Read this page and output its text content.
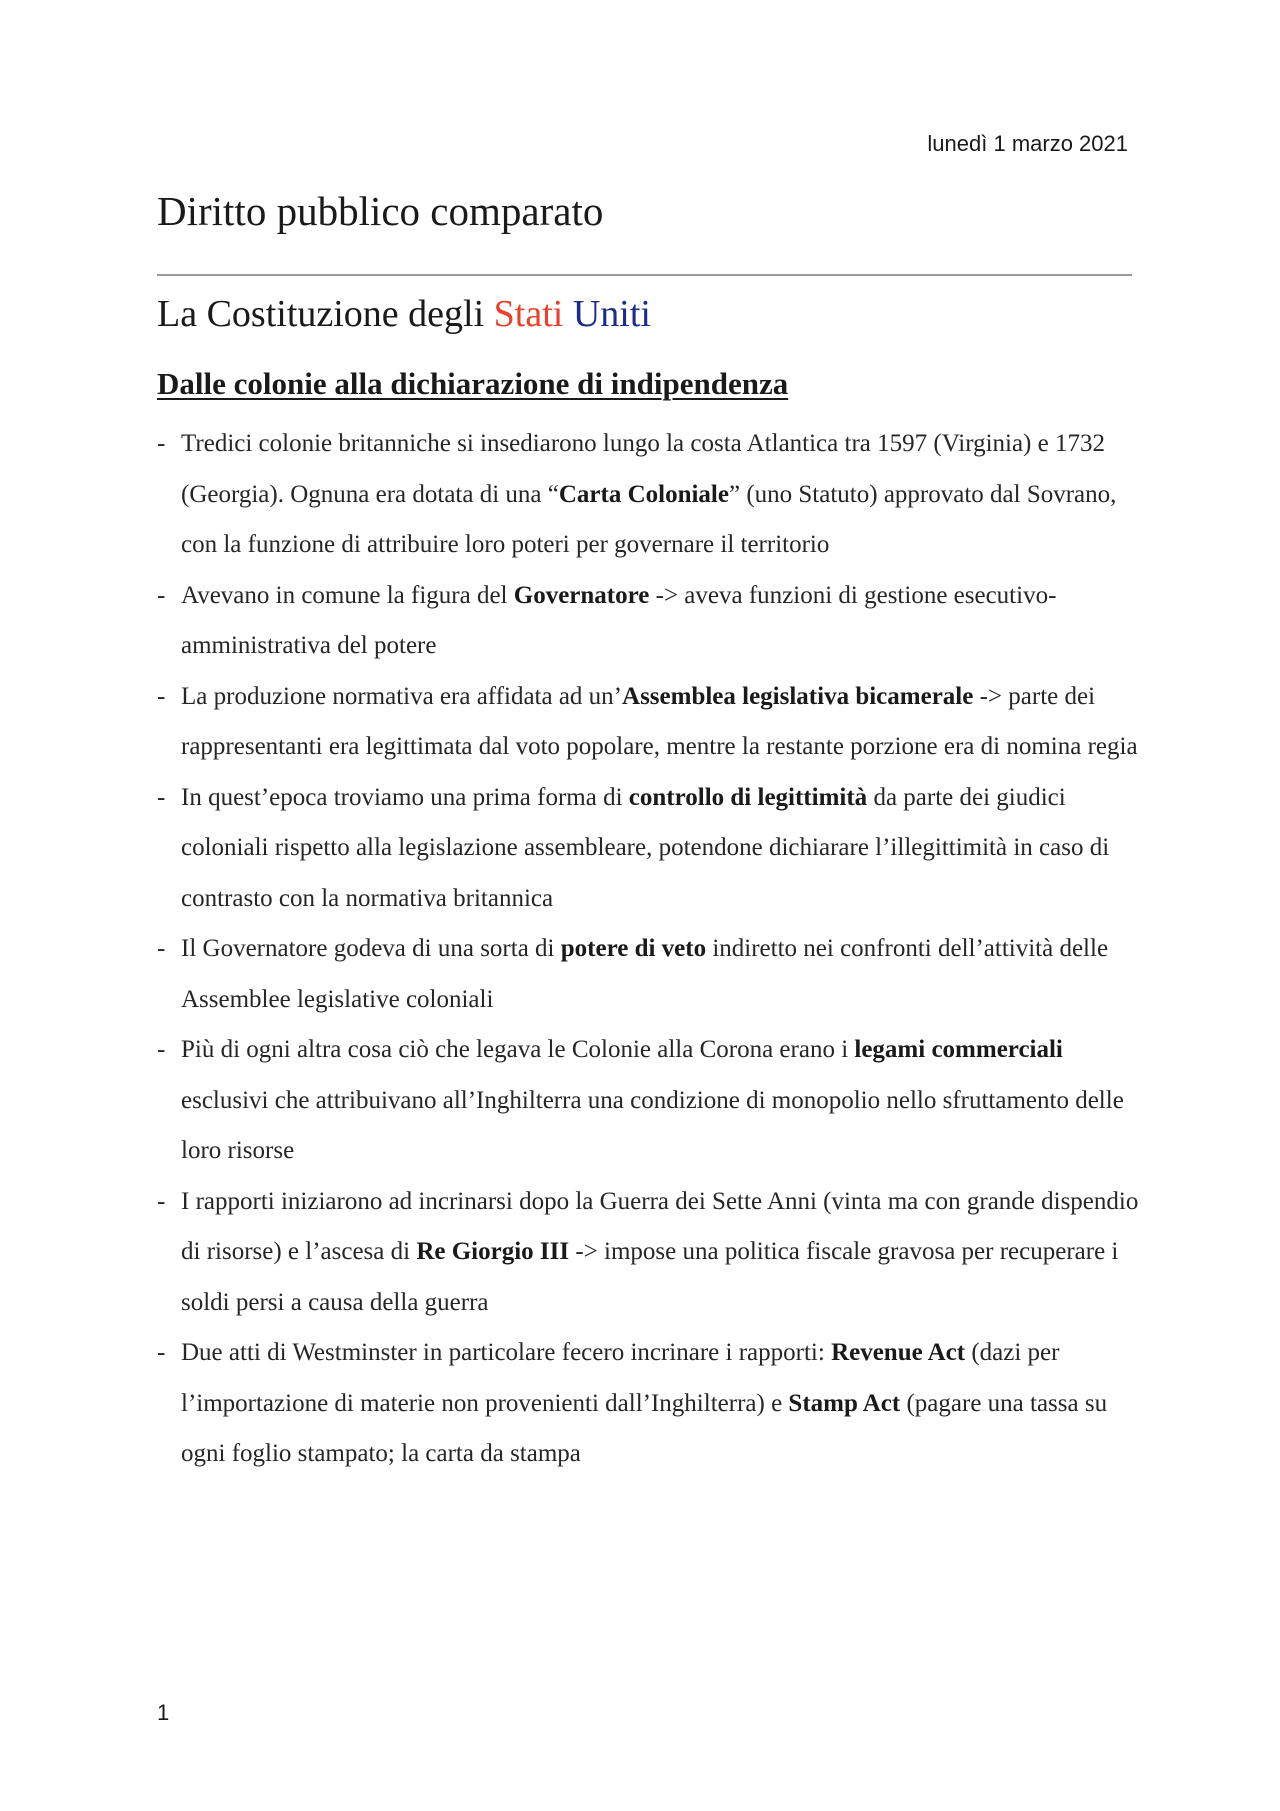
lunedì 1 marzo 2021
Diritto pubblico comparato
La Costituzione degli Stati Uniti
Dalle colonie alla dichiarazione di indipendenza
- Tredici colonie britanniche si insediarono lungo la costa Atlantica tra 1597 (Virginia) e 1732 (Georgia). Ognuna era dotata di una “Carta Coloniale” (uno Statuto) approvato dal Sovrano, con la funzione di attribuire loro poteri per governare il territorio
- Avevano in comune la figura del Governatore -> aveva funzioni di gestione esecutivo-amministrativa del potere
- La produzione normativa era affidata ad un’Assemblea legislativa bicamerale -> parte dei rappresentanti era legittimata dal voto popolare, mentre la restante porzione era di nomina regia
- In quest’epoca troviamo una prima forma di controllo di legittimità da parte dei giudici coloniali rispetto alla legislazione assembleare, potendone dichiarare l’illegittimità in caso di contrasto con la normativa britannica
- Il Governatore godeva di una sorta di potere di veto indiretto nei confronti dell’attività delle Assemblee legislative coloniali
- Più di ogni altra cosa ciò che legava le Colonie alla Corona erano i legami commerciali esclusivi che attribuivano all’Inghilterra una condizione di monopolio nello sfruttamento delle loro risorse
- I rapporti iniziarono ad incrinarsi dopo la Guerra dei Sette Anni (vinta ma con grande dispendio di risorse) e l’ascesa di Re Giorgio III -> impose una politica fiscale gravosa per recuperare i soldi persi a causa della guerra
- Due atti di Westminster in particolare fecero incrinare i rapporti: Revenue Act (dazi per l’importazione di materie non provenienti dall’Inghilterra) e Stamp Act (pagare una tassa su ogni foglio stampato; la carta da stampa
1
